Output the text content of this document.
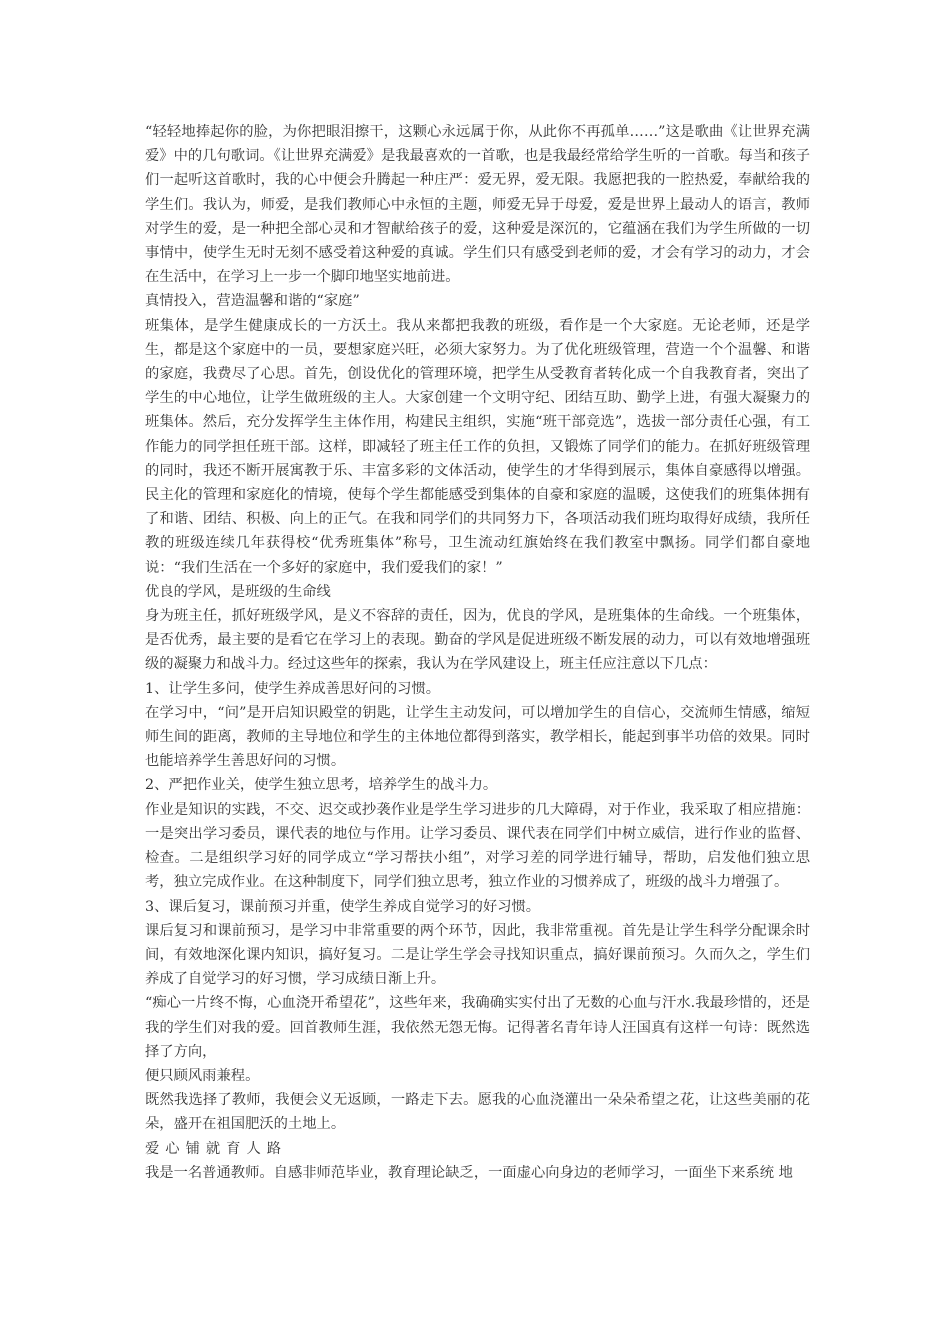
“轻轻地捧起你的脸，为你把眼泪擦干，这颗心永远属于你，从此你不再孤单……”这是歌曲《让世界充满爱》中的几句歌词。《让世界充满爱》是我最喜欢的一首歌，也是我最经常给学生听的一首歌。每当和孩子们一起听这首歌时，我的心中便会升腾起一种庄严：爱无界，爱无限。我愿把我的一腔热爱，奉献给我的学生们。我认为，师爱，是我们教师心中永恒的主题，师爱无异于母爱，爱是世界上最动人的语言，教师对学生的爱，是一种把全部心灵和才智献给孩子的爱，这种爱是深沉的，它蕴涵在我们为学生所做的一切事情中，使学生无时无刻不感受着这种爱的真诚。学生们只有感受到老师的爱，才会有学习的动力，才会在生活中，在学习上一步一个脚印地坚实地前进。

真情投入，营造温馨和谐的“家庭”

班集体，是学生健康成长的一方沃土。我从来都把我教的班级，看作是一个大家庭。无论老师，还是学生，都是这个家庭中的一员，要想家庭兴旺，必须大家努力。为了优化班级管理，营造一个个温馨、和谐的家庭，我费尽了心思。首先，创设优化的管理环境，把学生从受教育者转化成一个自我教育者，突出了学生的中心地位，让学生做班级的主人。大家创建一个文明守纪、团结互助、勤学上进，有强大凝聚力的班集体。然后，充分发挥学生主体作用，构建民主组织，实施“班干部竞选”，选拔一部分责任心强，有工作能力的同学担任班干部。这样，即减轻了班主任工作的负担，又锻炼了同学们的能力。在抓好班级管理的同时，我还不断开展寓教于乐、丰富多彩的文体活动，使学生的才华得到展示，集体自豪感得以增强。民主化的管理和家庭化的情境，使每个学生都能感受到集体的自豪和家庭的温暖，这使我们的班集体拥有了和谐、团结、积极、向上的正气。在我和同学们的共同努力下，各项活动我们班均取得好成绩，我所任教的班级连续几年获得校“优秀班集体”称号，卫生流动红旗始终在我们教室中飘扬。同学们都自豪地说：“我们生活在一个多好的家庭中，我们爱我们的家！”

优良的学风，是班级的生命线

身为班主任，抓好班级学风，是义不容辞的责任，因为，优良的学风，是班集体的生命线。一个班集体，是否优秀，最主要的是看它在学习上的表现。勤奋的学风是促进班级不断发展的动力，可以有效地增强班级的凝聚力和战斗力。经过这些年的探索，我认为在学风建设上，班主任应注意以下几点：

1、让学生多问，使学生养成善思好问的习惯。

在学习中，“问”是开启知识殿堂的钥匙，让学生主动发问，可以增加学生的自信心，交流师生情感，缩短师生间的距离，教师的主导地位和学生的主体地位都得到落实，教学相长，能起到事半功倍的效果。同时也能培养学生善思好问的习惯。

2、严把作业关，使学生独立思考，培养学生的战斗力。

作业是知识的实践，不交、迟交或抄袭作业是学生学习进步的几大障碍，对于作业，我采取了相应措施：一是突出学习委员，课代表的地位与作用。让学习委员、课代表在同学们中树立威信，进行作业的监督、检查。二是组织学习好的同学成立“学习帮扶小组”，对学习差的同学进行辅导，帮助，启发他们独立思考，独立完成作业。在这种制度下，同学们独立思考，独立作业的习惯养成了，班级的战斗力增强了。

3、课后复习，课前预习并重，使学生养成自觉学习的好习惯。

课后复习和课前预习，是学习中非常重要的两个环节，因此，我非常重视。首先是让学生科学分配课余时间，有效地深化课内知识，搞好复习。二是让学生学会寻找知识重点，搞好课前预习。久而久之，学生们养成了自觉学习的好习惯，学习成绩日渐上升。

“痴心一片终不悔，心血浇开希望花”，这些年来，我确确实实付出了无数的心血与汗水.我最珍惜的，还是我的学生们对我的爱。回首教师生涯，我依然无怨无悔。记得著名青年诗人汪国真有这样一句诗：既然选择了方向，

便只顾风雨兼程。

既然我选择了教师，我便会义无返顾，一路走下去。愿我的心血浇灌出一朵朵希望之花，让这些美丽的花朵，盛开在祖国肥沃的土地上。

爱心铺就育人路

我是一名普通教师。自感非师范毕业，教育理论缺乏，一面虚心向身边的老师学习，一面坐下来系统 地
